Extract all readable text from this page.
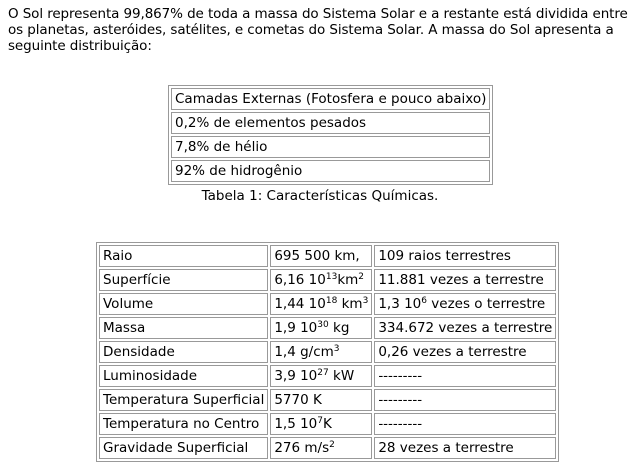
O Sol representa 99,867% de toda a massa do Sistema Solar e a restante está dividida entre os planetas, asteróides, satélites, e cometas do Sistema Solar. A massa do Sol apresenta a seguinte distribuição:

Camadas Externas (Fotosfera e pouco abaixo)
0,2% de elementos pesados
7,8% de hélio
92% de hidrogênio

Tabela 1: Características Químicas.

Raio	695 500 km,	109 raios terrestres
Superfície	6,16 $10^{13}km^2$	11.881 vezes a terrestre
Volume	1,44 $10^{18}$ $km^3$	1,3 $10^6$ vezes o terrestre
Massa	1,9 $10^{30}$ kg	334.672 vezes a terrestre
Densidade	1,4 $g/cm^3$	0,26 vezes a terrestre
Luminosidade	3,9 $10^{27}$ kW	---------
Temperatura Superficial	5770 K	---------
Temperatura no Centro	1,5 $10^7K$	---------
Gravidade Superficial	276 $m/s^2$	28 vezes a terrestre
